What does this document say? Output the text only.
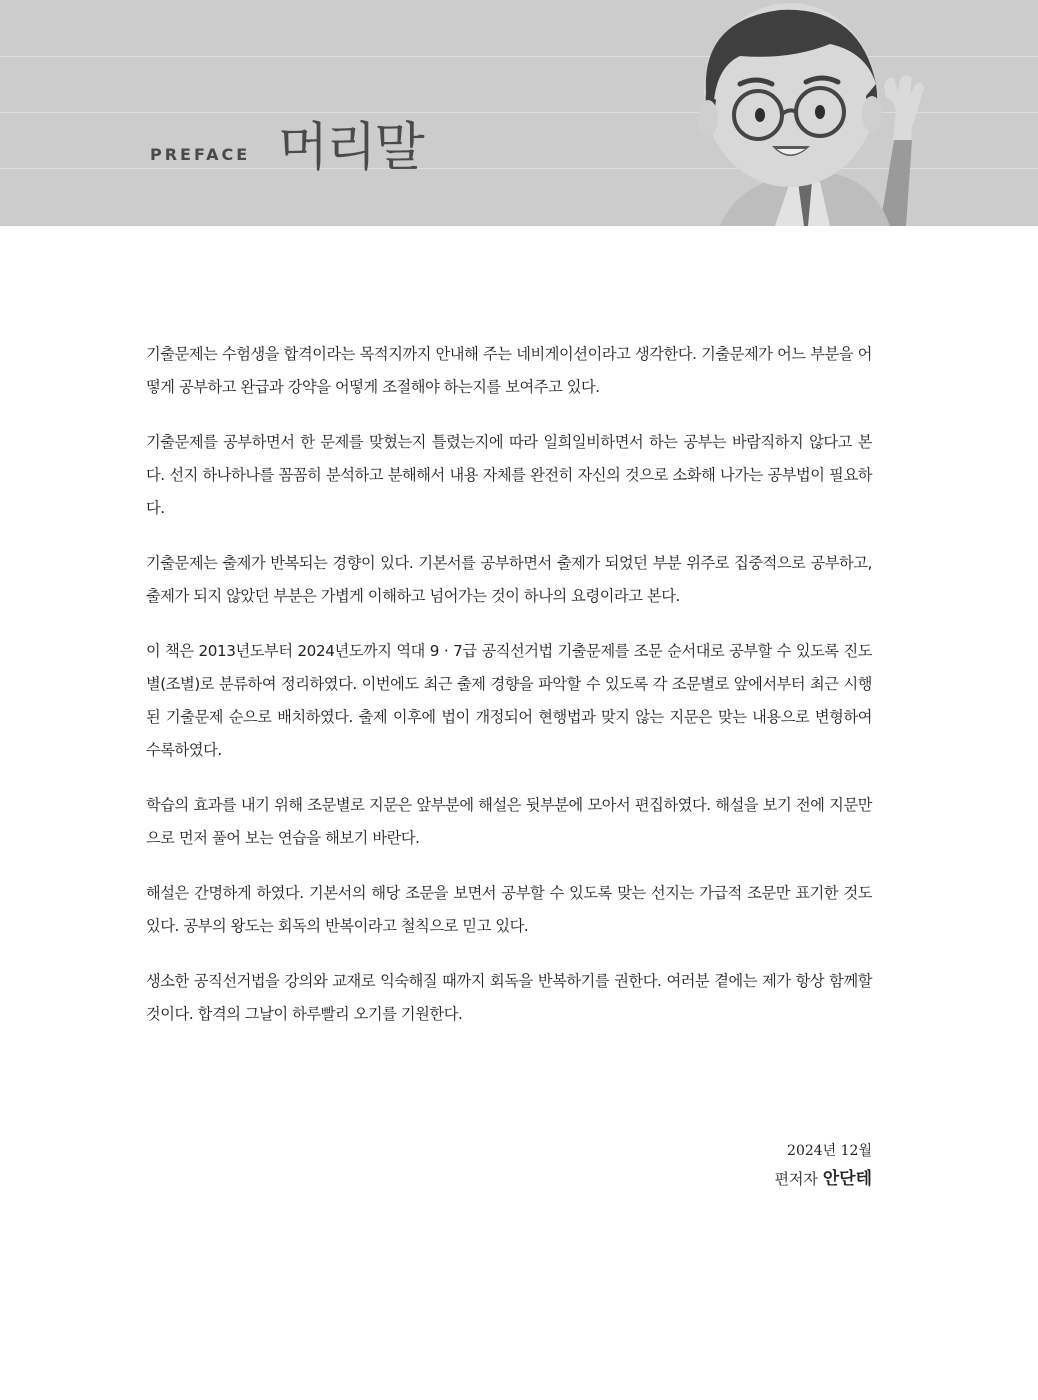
PREFACE 머리말

기출문제는 수험생을 합격이라는 목적지까지 안내해 주는 네비게이션이라고 생각한다. 기출문제가 어느 부분을 어떻게 공부하고 완급과 강약을 어떻게 조절해야 하는지를 보여주고 있다.

기출문제를 공부하면서 한 문제를 맞혔는지 틀렸는지에 따라 일희일비하면서 하는 공부는 바람직하지 않다고 본다. 선지 하나하나를 꼼꼼히 분석하고 분해해서 내용 자체를 완전히 자신의 것으로 소화해 나가는 공부법이 필요하다.

기출문제는 출제가 반복되는 경향이 있다. 기본서를 공부하면서 출제가 되었던 부분 위주로 집중적으로 공부하고, 출제가 되지 않았던 부분은 가볍게 이해하고 넘어가는 것이 하나의 요령이라고 본다.

이 책은 2013년도부터 2024년도까지 역대 9 · 7급 공직선거법 기출문제를 조문 순서대로 공부할 수 있도록 진도별(조별)로 분류하여 정리하였다. 이번에도 최근 출제 경향을 파악할 수 있도록 각 조문별로 앞에서부터 최근 시행된 기출문제 순으로 배치하였다. 출제 이후에 법이 개정되어 현행법과 맞지 않는 지문은 맞는 내용으로 변형하여 수록하였다.

학습의 효과를 내기 위해 조문별로 지문은 앞부분에 해설은 뒷부분에 모아서 편집하였다. 해설을 보기 전에 지문만으로 먼저 풀어 보는 연습을 해보기 바란다.

해설은 간명하게 하였다. 기본서의 해당 조문을 보면서 공부할 수 있도록 맞는 선지는 가급적 조문만 표기한 것도 있다. 공부의 왕도는 회독의 반복이라고 철칙으로 믿고 있다.

생소한 공직선거법을 강의와 교재로 익숙해질 때까지 회독을 반복하기를 권한다. 여러분 곁에는 제가 항상 함께할 것이다. 합격의 그날이 하루빨리 오기를 기원한다.

2024년 12월
편저자 안단테
